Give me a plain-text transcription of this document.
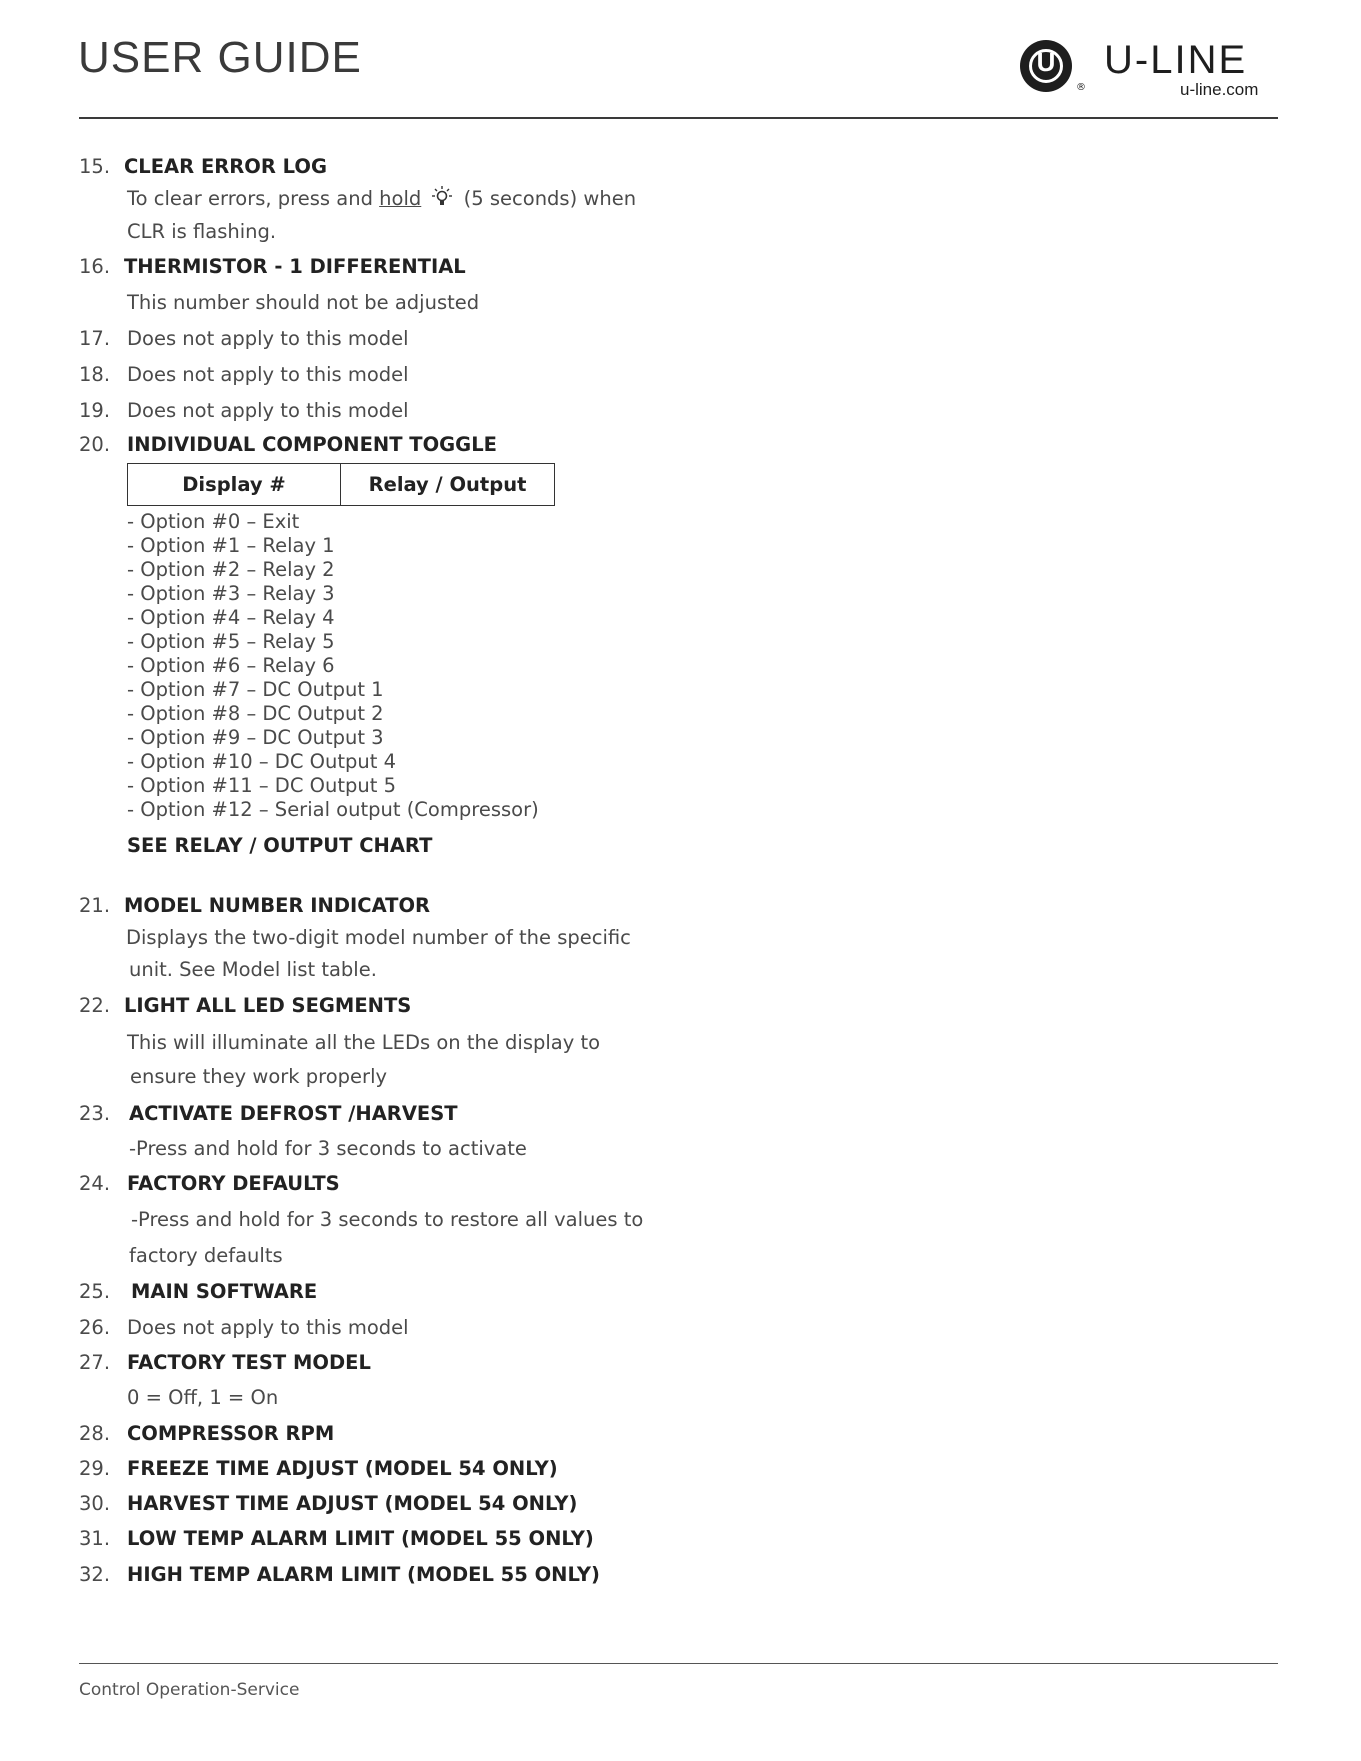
USER GUIDE	U
®
U-LINE
u-line.com
15. CLEAR ERROR LOG
To clear errors, press and hold (5 seconds) when
CLR is flashing.
16. THERMISTOR - 1 DIFFERENTIAL
This number should not be adjusted
17. Does not apply to this model
18. Does not apply to this model
19. Does not apply to this model
20. INDIVIDUAL COMPONENT TOGGLE
Display #	Relay / Output
- Option #0 – Exit
- Option #1 – Relay 1
- Option #2 – Relay 2
- Option #3 – Relay 3
- Option #4 – Relay 4
- Option #5 – Relay 5
- Option #6 – Relay 6
- Option #7 – DC Output 1
- Option #8 – DC Output 2
- Option #9 – DC Output 3
- Option #10 – DC Output 4
- Option #11 – DC Output 5
- Option #12 – Serial output (Compressor)
SEE RELAY / OUTPUT CHART
21. MODEL NUMBER INDICATOR
Displays the two-digit model number of the specific
unit. See Model list table.
22. LIGHT ALL LED SEGMENTS
This will illuminate all the LEDs on the display to
ensure they work properly
23. ACTIVATE DEFROST /HARVEST
-Press and hold for 3 seconds to activate
24. FACTORY DEFAULTS
-Press and hold for 3 seconds to restore all values to
factory defaults
25. MAIN SOFTWARE
26. Does not apply to this model
27. FACTORY TEST MODEL
0 = Off, 1 = On
28. COMPRESSOR RPM
29. FREEZE TIME ADJUST (MODEL 54 ONLY)
30. HARVEST TIME ADJUST (MODEL 54 ONLY)
31. LOW TEMP ALARM LIMIT (MODEL 55 ONLY)
32. HIGH TEMP ALARM LIMIT (MODEL 55 ONLY)
Control Operation-Service
